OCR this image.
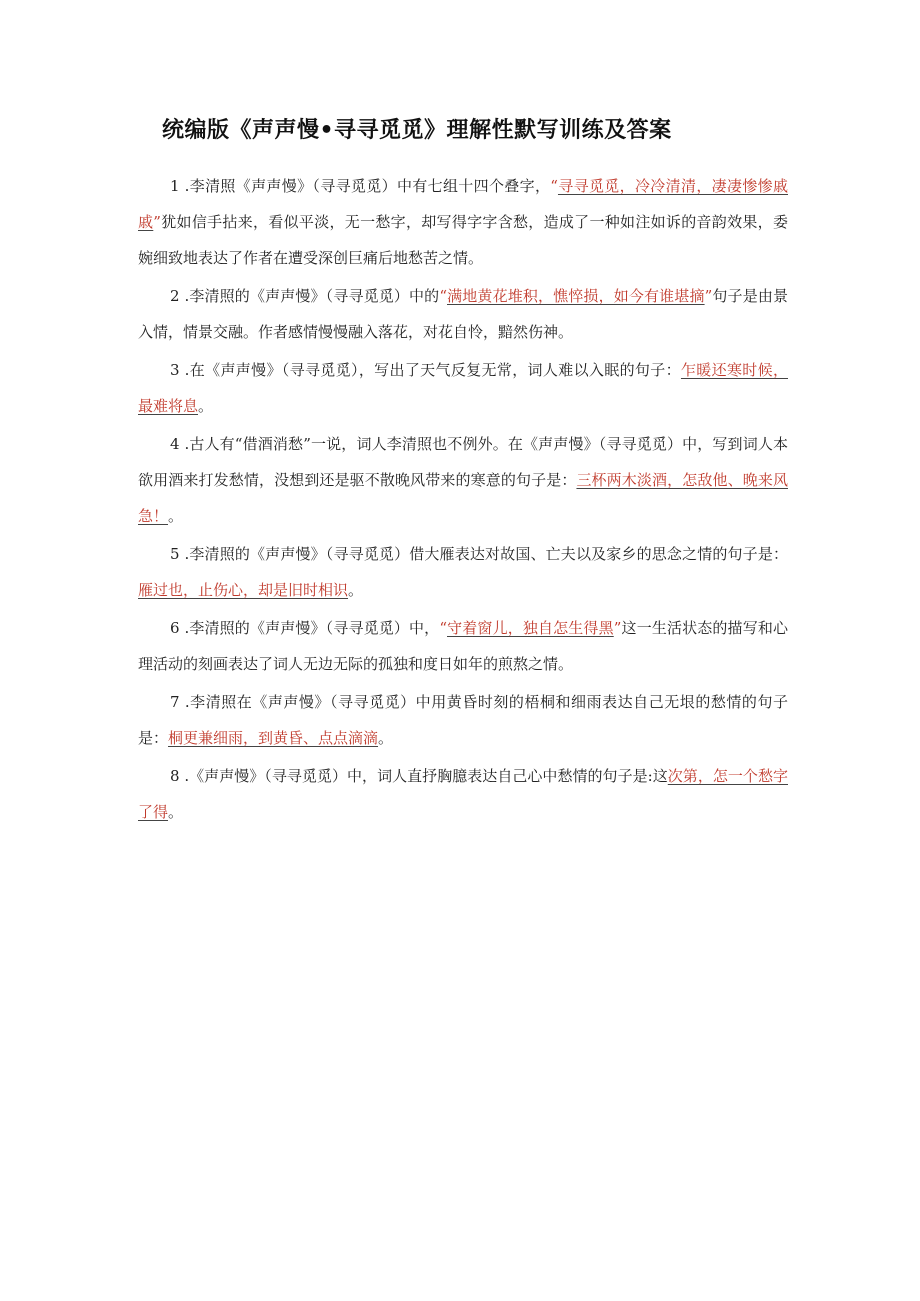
统编版《声声慢•寻寻觅觅》理解性默写训练及答案

1 .李清照《声声慢》（寻寻觅觅）中有七组十四个叠字，“寻寻觅觅，冷冷清清，凄凄惨惨戚戚”犹如信手拈来，看似平淡，无一愁字，却写得字字含愁，造成了一种如注如诉的音韵效果，委婉细致地表达了作者在遭受深创巨痛后地愁苦之情。

2 .李清照的《声声慢》（寻寻觅觅）中的“满地黄花堆积，憔悴损，如今有谁堪摘”句子是由景入情，情景交融。作者感情慢慢融入落花，对花自怜，黯然伤神。

3 .在《声声慢》（寻寻觅觅），写出了天气反复无常，词人难以入眠的句子：乍暖还寒时候，最难将息。

4 .古人有“借酒消愁”一说，词人李清照也不例外。在《声声慢》（寻寻觅觅）中，写到词人本欲用酒来打发愁情，没想到还是驱不散晚风带来的寒意的句子是：三杯两木淡酒，怎敌他、晚来风急！。

5 .李清照的《声声慢》（寻寻觅觅）借大雁表达对故国、亡夫以及家乡的思念之情的句子是：雁过也，止伤心，却是旧时相识。

6 .李清照的《声声慢》（寻寻觅觅）中，“守着窗儿，独自怎生得黑”这一生活状态的描写和心理活动的刻画表达了词人无边无际的孤独和度日如年的煎熬之情。

7 .李清照在《声声慢》（寻寻觅觅）中用黄昏时刻的梧桐和细雨表达自己无垠的愁情的句子是：桐更兼细雨，到黄昏、点点滴滴。

8 .《声声慢》（寻寻觅觅）中，词人直抒胸臆表达自己心中愁情的句子是:这次第，怎一个愁字了得。
